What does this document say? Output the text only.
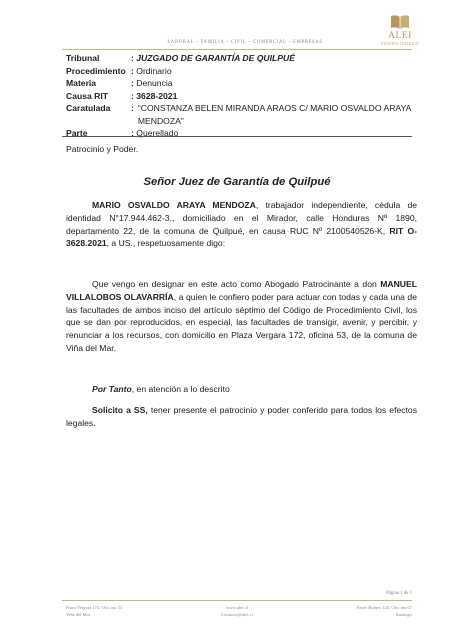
LABORAL – FAMILIA – CIVIL – COMERCIAL – EMPRESAS
ALEI
ESTUDIO JURIDICO
Tribunal	: JUZGADO DE GARANTÍA DE QUILPUÉ
Procedimiento	: Ordinario
Materia	: Denuncia
Causa RIT	: 3628-2021
Caratulada	: “CONSTANZA BELEN MIRANDA ARAOS C/ MARIO OSVALDO ARAYA MENDOZA”

Parte	: Querellado
Patrocinio y Poder.
Señor Juez de Garantía de Quilpué
MARIO OSVALDO ARAYA MENDOZA, trabajador independiente, cédula de identidad N°17.944.462-3., domiciliado en el Mirador, calle Honduras Nº 1890, departamento 22, de la comuna de Quilpué, en causa RUC Nº 2100540526-K, RIT O-3628.2021, a US., respetuosamente digo:
Que vengo en designar en este acto como Abogado Patrocinante a don MANUEL VILLALOBOS OLAVARRÍA, a quien le confiero poder para actuar con todas y cada una de las facultades de ambos inciso del artículo séptimo del Código de Procedimiento Civil, los que se dan por reproducidos, en especial, las facultades de transigir, avenir, y percibir, y renunciar a los recursos, con domicilio en Plaza Vergara 172, oficina 53, de la comuna de Viña del Mar.
Por Tanto, en atención a lo descrito
Solicito a SS, tener presente el patrocinio y poder conferido para todos los efectos legales.
Página 1 de 1
Plaza Vergara 172, Ofic ina 53
Viña del Mar
www.alei.cl
Contacto@alei.cl
Paseo Bulnes 120, Ofic ina 67
Santiago
